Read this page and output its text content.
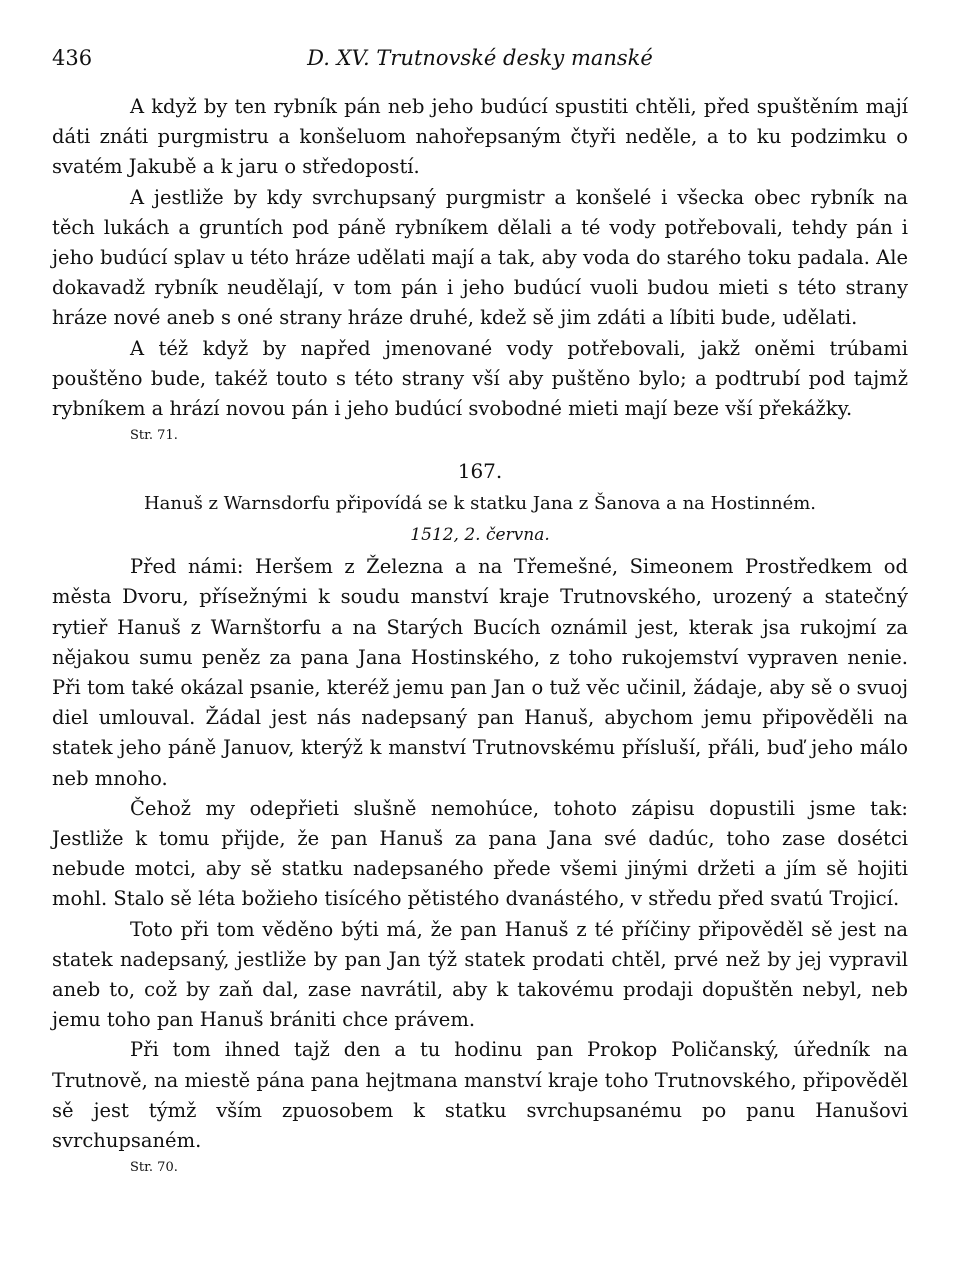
436	D. XV. Trutnovské desky manské

A když by ten rybník pán neb jeho budúcí spustiti chtěli, před spuštěním mají dáti znáti purgmistru a konšeluom nahořepsaným čtyři neděle, a to ku podzimku o svatém Jakubě a k jaru o středopostí.

A jestliže by kdy svrchupsaný purgmistr a konšelé i všecka obec rybník na těch lukách a gruntích pod páně rybníkem dělali a té vody potřebovali, tehdy pán i jeho budúcí splav u této hráze udělati mají a tak, aby voda do starého toku padala. Ale dokavadž rybník neudělají, v tom pán i jeho budúcí vuoli budou mieti s této strany hráze nové aneb s oné strany hráze druhé, kdež sě jim zdáti a líbiti bude, udělati.

A též když by napřed jmenované vody potřebovali, jakž oněmi trúbami pouštěno bude, takéž touto s této strany vší aby puštěno bylo; a podtrubí pod tajmž rybníkem a hrází novou pán i jeho budúcí svobodné mieti mají beze vší překážky.

Str. 71.

167.
Hanuš z Warnsdorfu připovídá se k statku Jana z Šanova a na Hostinném.
1512, 2. června.

Před námi: Heršem z Železna a na Třemešné, Simeonem Prostředkem od města Dvoru, přísežnými k soudu manství kraje Trutnovského, urozený a statečný rytieř Hanuš z Warnštorfu a na Starých Bucích oznámil jest, kterak jsa rukojmí za nějakou sumu peněz za pana Jana Hostinského, z toho rukojemství vypraven nenie. Při tom také okázal psanie, kteréž jemu pan Jan o tuž věc učinil, žádaje, aby sě o svuoj diel umlouval. Žádal jest nás nadepsaný pan Hanuš, abychom jemu připověděli na statek jeho páně Januov, kterýž k manství Trutnovskému přísluší, přáli, buď jeho málo neb mnoho.

Čehož my odepřieti slušně nemohúce, tohoto zápisu dopustili jsme tak: Jestliže k tomu přijde, že pan Hanuš za pana Jana své dadúc, toho zase dosétci nebude motci, aby sě statku nadepsaného přede všemi jinými držeti a jím sě hojiti mohl. Stalo sě léta božieho tisícého pětistého dvanástého, v středu před svatú Trojicí.

Toto při tom věděno býti má, že pan Hanuš z té příčiny připověděl sě jest na statek nadepsaný, jestliže by pan Jan týž statek prodati chtěl, prvé než by jej vypravil aneb to, což by zaň dal, zase navrátil, aby k takovému prodaji dopuštěn nebyl, neb jemu toho pan Hanuš brániti chce právem.

Při tom ihned tajž den a tu hodinu pan Prokop Poličanský, úředník na Trutnově, na miestě pána pana hejtmana manství kraje toho Trutnovského, připověděl sě jest týmž vším zpuosobem k statku svrchupsanému po panu Hanušovi svrchupsaném.

Str. 70.
